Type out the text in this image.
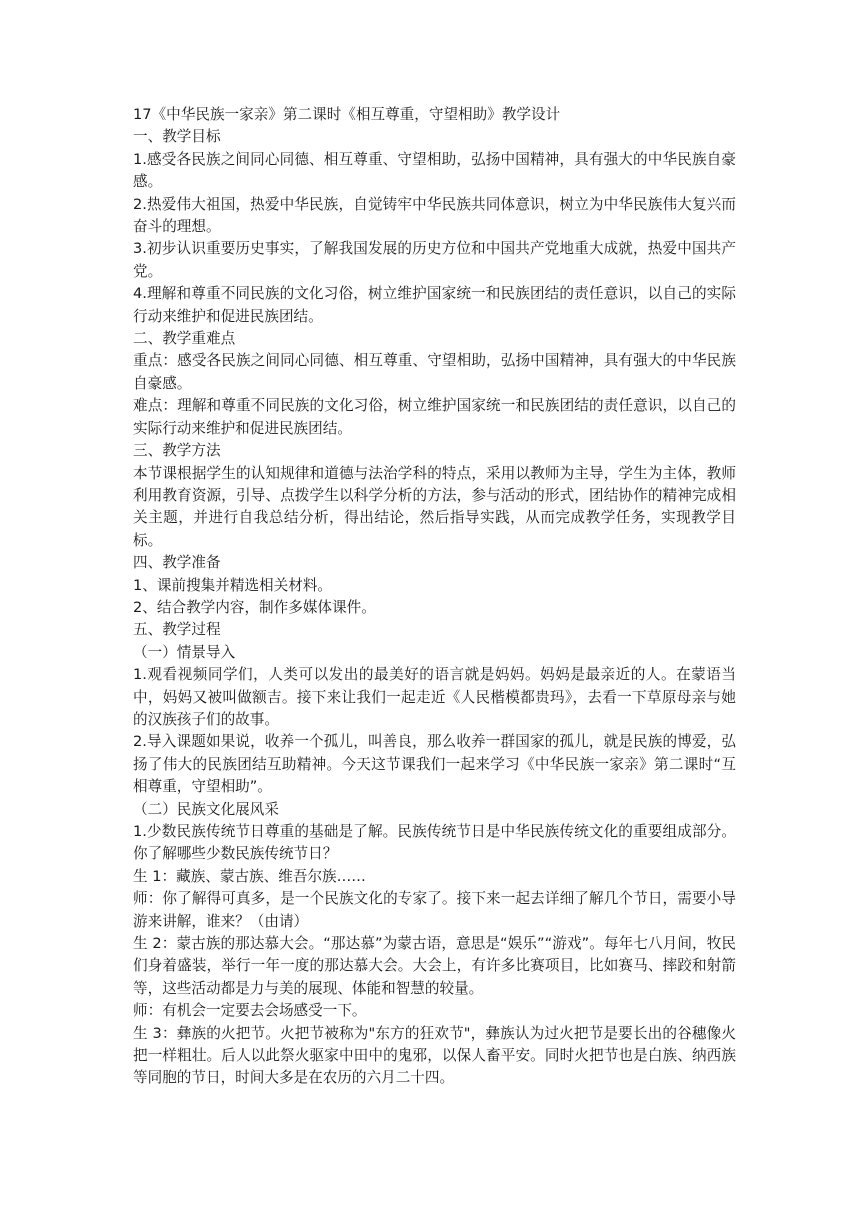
17《中华民族一家亲》第二课时《相互尊重，守望相助》教学设计

一、教学目标

1.感受各民族之间同心同德、相互尊重、守望相助，弘扬中国精神，具有强大的中华民族自豪感。

2.热爱伟大祖国，热爱中华民族，自觉铸牢中华民族共同体意识，树立为中华民族伟大复兴而奋斗的理想。

3.初步认识重要历史事实，了解我国发展的历史方位和中国共产党地重大成就，热爱中国共产党。

4.理解和尊重不同民族的文化习俗，树立维护国家统一和民族团结的责任意识，以自己的实际行动来维护和促进民族团结。

二、教学重难点

重点：感受各民族之间同心同德、相互尊重、守望相助，弘扬中国精神，具有强大的中华民族自豪感。

难点：理解和尊重不同民族的文化习俗，树立维护国家统一和民族团结的责任意识，以自己的实际行动来维护和促进民族团结。

三、教学方法

本节课根据学生的认知规律和道德与法治学科的特点，采用以教师为主导，学生为主体，教师利用教育资源，引导、点拨学生以科学分析的方法，参与活动的形式，团结协作的精神完成相关主题，并进行自我总结分析，得出结论，然后指导实践，从而完成教学任务，实现教学目标。

四、教学准备

1、课前搜集并精选相关材料。

2、结合教学内容，制作多媒体课件。

五、教学过程

（一）情景导入

1.观看视频同学们，人类可以发出的最美好的语言就是妈妈。妈妈是最亲近的人。在蒙语当中，妈妈又被叫做额吉。接下来让我们一起走近《人民楷模都贵玛》，去看一下草原母亲与她的汉族孩子们的故事。

2.导入课题如果说，收养一个孤儿，叫善良，那么收养一群国家的孤儿，就是民族的博爱，弘扬了伟大的民族团结互助精神。今天这节课我们一起来学习《中华民族一家亲》第二课时“互相尊重，守望相助”。

（二）民族文化展风采

1.少数民族传统节日尊重的基础是了解。民族传统节日是中华民族传统文化的重要组成部分。你了解哪些少数民族传统节日？

生 1：藏族、蒙古族、维吾尔族……

师：你了解得可真多，是一个民族文化的专家了。接下来一起去详细了解几个节日，需要小导游来讲解，谁来？（由请）

生 2：蒙古族的那达慕大会。“那达慕”为蒙古语，意思是“娱乐”“游戏”。每年七八月间，牧民们身着盛装，举行一年一度的那达慕大会。大会上，有许多比赛项目，比如赛马、摔跤和射箭等，这些活动都是力与美的展现、体能和智慧的较量。

师：有机会一定要去会场感受一下。

生 3：彝族的火把节。火把节被称为"东方的狂欢节"，彝族认为过火把节是要长出的谷穗像火把一样粗壮。后人以此祭火驱家中田中的鬼邪，以保人畜平安。同时火把节也是白族、纳西族等同胞的节日，时间大多是在农历的六月二十四。
